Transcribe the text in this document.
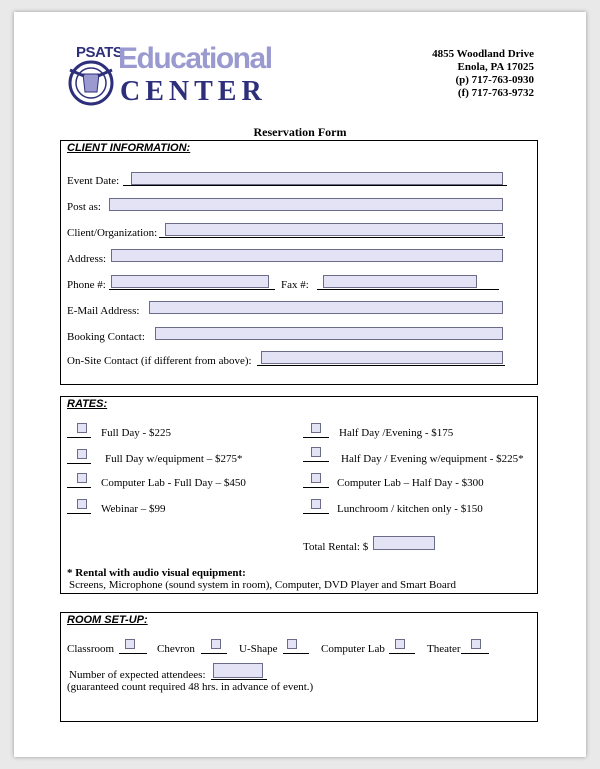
PSATS
Educational
CENTER
4855 Woodland Drive
Enola, PA 17025
(p) 717-763-0930
(f) 717-763-9732
Reservation Form
CLIENT INFORMATION:
Event Date:
Post as:
Client/Organization:
Address:
Phone #:	Fax #:
E-Mail Address:
Booking Contact:
On-Site Contact (if different from above):
RATES:
Full Day - $225	Half Day /Evening - $175
Full Day w/equipment – $275*	Half Day / Evening w/equipment - $225*
Computer Lab - Full Day – $450	Computer Lab – Half Day - $300
Webinar – $99	Lunchroom / kitchen only - $150
Total Rental: $
* Rental with audio visual equipment:
Screens, Microphone (sound system in room), Computer, DVD Player and Smart Board
ROOM SET-UP:
Classroom	Chevron	U-Shape	Computer Lab	Theater
Number of expected attendees:
(guaranteed count required 48 hrs. in advance of event.)
